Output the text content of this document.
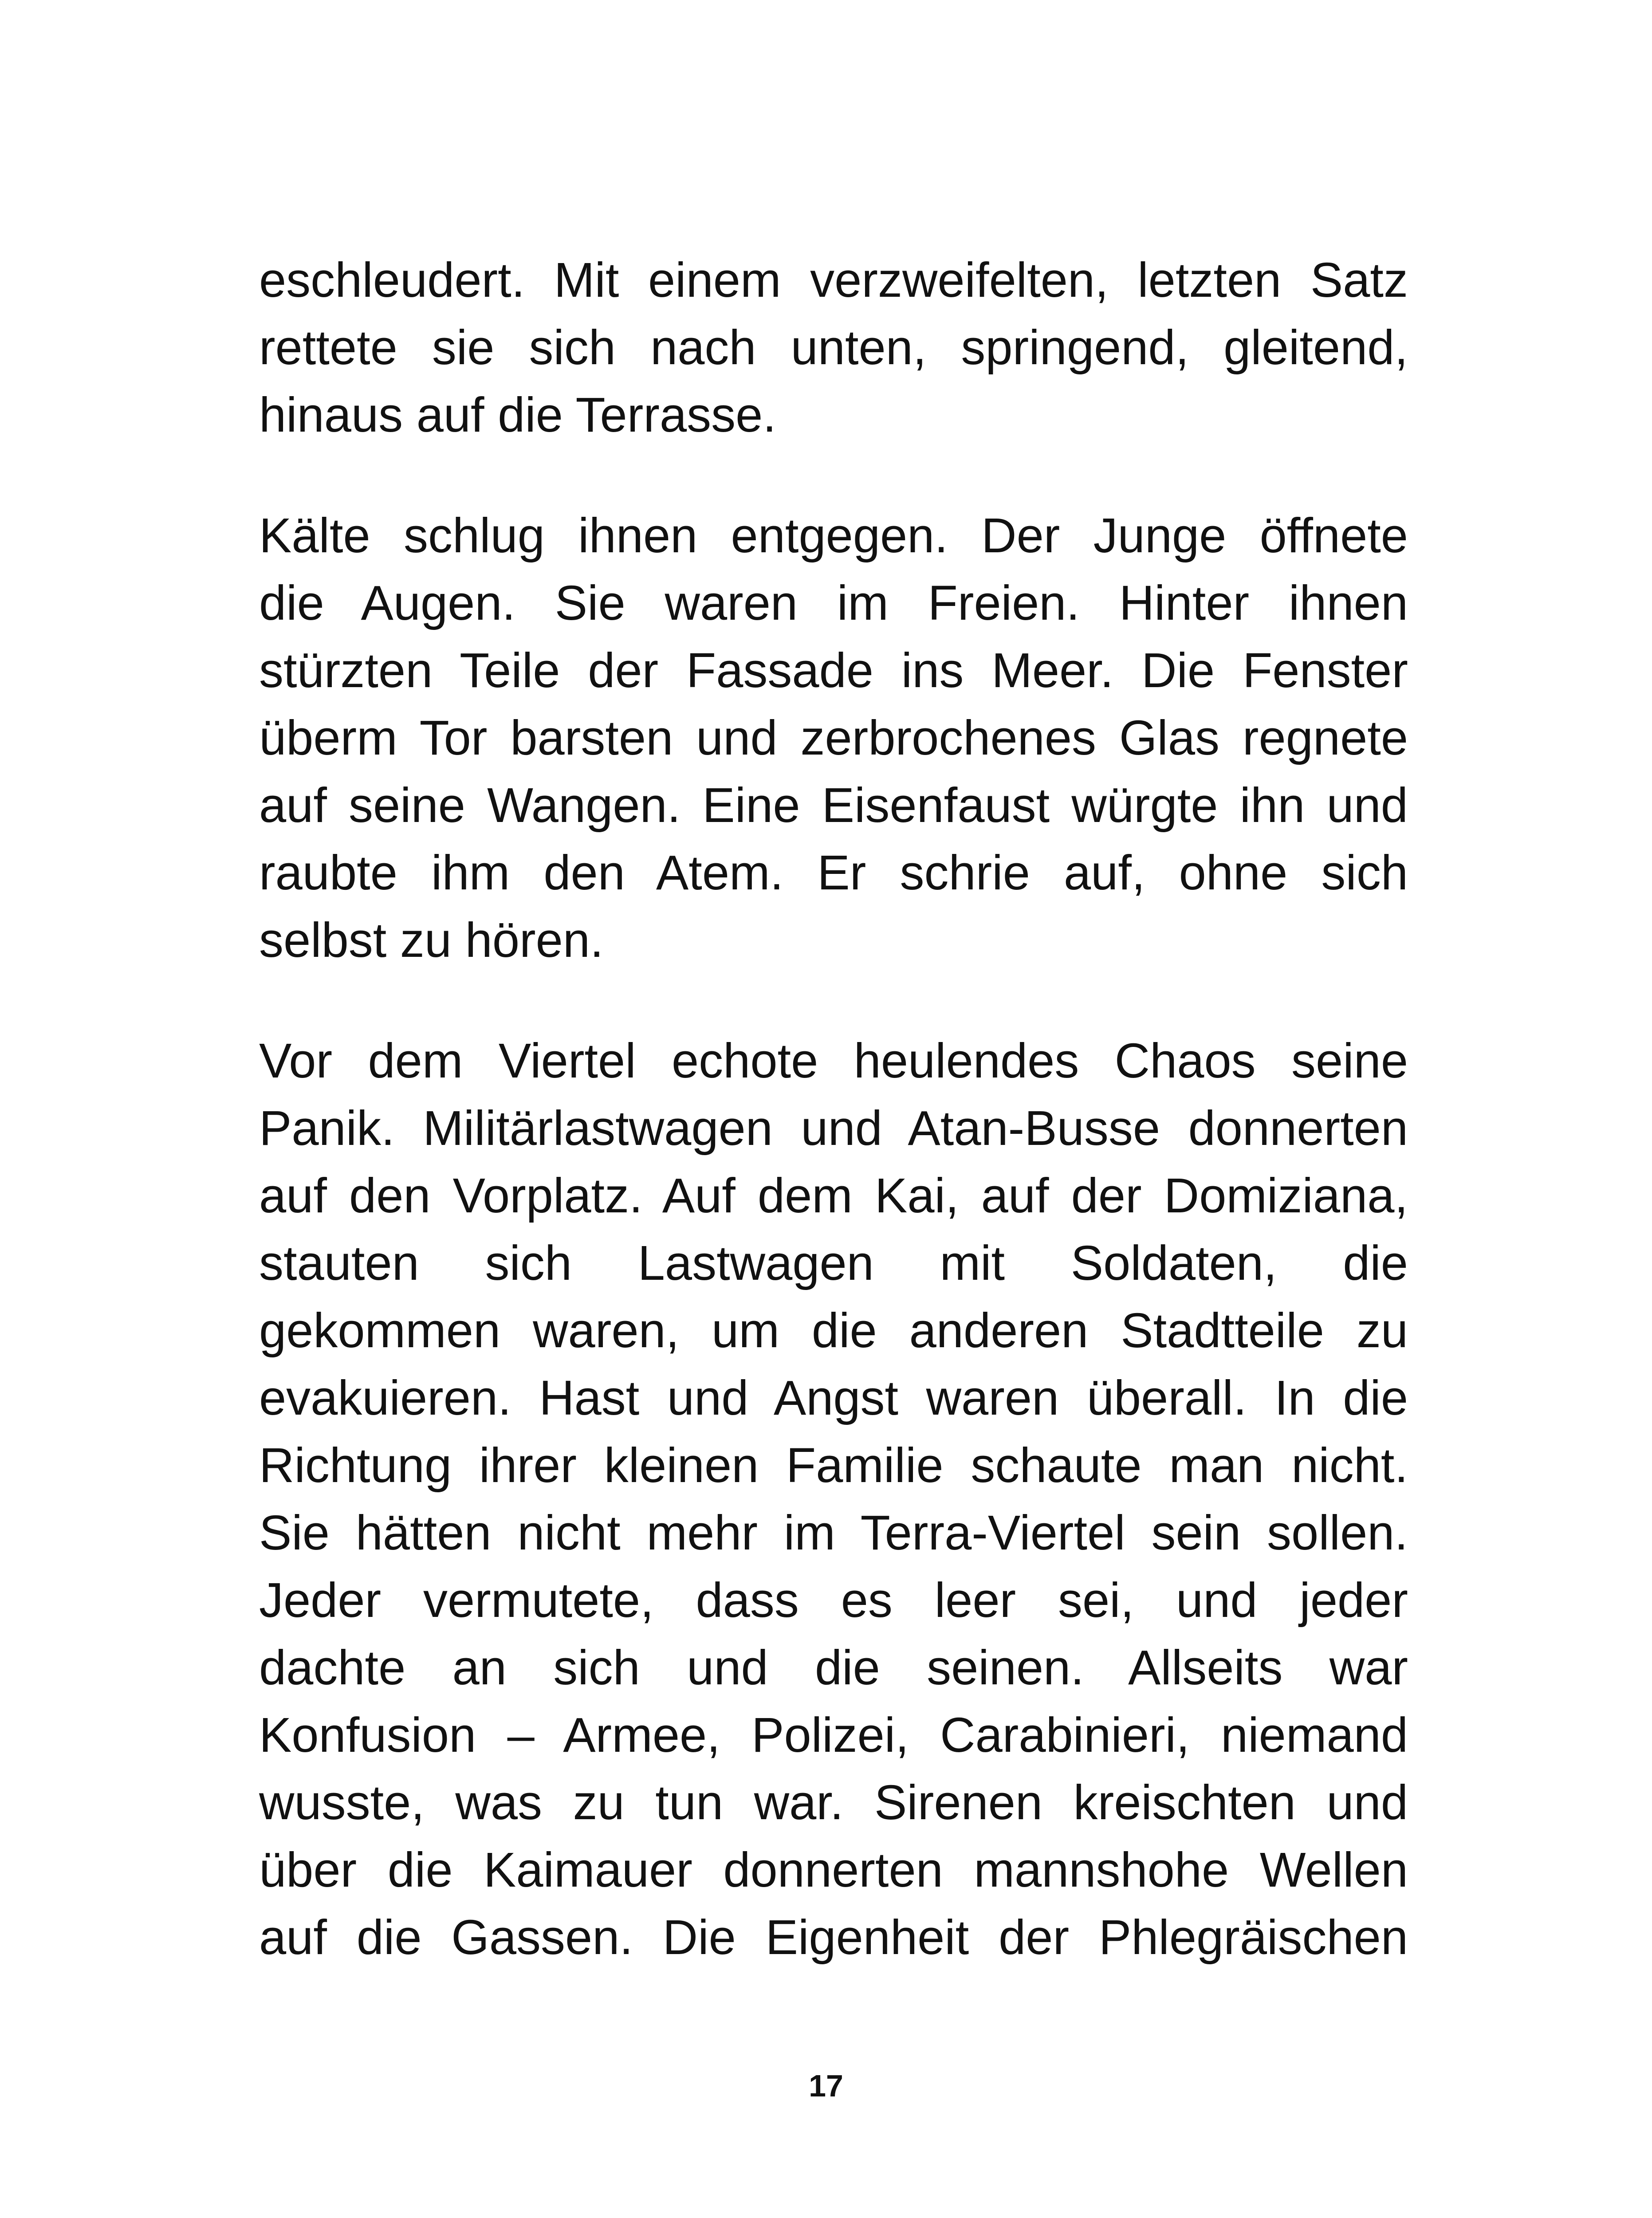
eschleudert. Mit einem verzweifelten, letzten Satz
rettete sie sich nach unten, springend, gleitend,
hinaus auf die Terrasse.

Kälte schlug ihnen entgegen. Der Junge öffnete
die Augen. Sie waren im Freien. Hinter ihnen
stürzten Teile der Fassade ins Meer. Die Fenster
überm Tor barsten und zerbrochenes Glas regnete
auf seine Wangen. Eine Eisenfaust würgte ihn und
raubte ihm den Atem. Er schrie auf, ohne sich
selbst zu hören.

Vor dem Viertel echote heulendes Chaos seine
Panik. Militärlastwagen und Atan-Busse donnerten
auf den Vorplatz. Auf dem Kai, auf der Domiziana,
stauten sich Lastwagen mit Soldaten, die
gekommen waren, um die anderen Stadtteile zu
evakuieren. Hast und Angst waren überall. In die
Richtung ihrer kleinen Familie schaute man nicht.
Sie hätten nicht mehr im Terra-Viertel sein sollen.
Jeder vermutete, dass es leer sei, und jeder
dachte an sich und die seinen. Allseits war
Konfusion – Armee, Polizei, Carabinieri, niemand
wusste, was zu tun war. Sirenen kreischten und
über die Kaimauer donnerten mannshohe Wellen
auf die Gassen. Die Eigenheit der Phlegräischen

17
